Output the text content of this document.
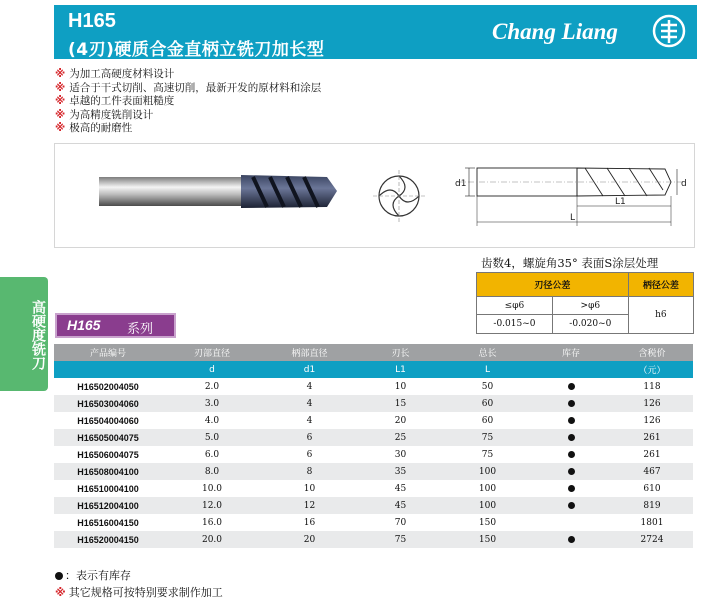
H165
(4刃)硬质合金直柄立铣刀加长型
Chang Liang
※ 为加工高硬度材料设计
※ 适合于干式切削、高速切削，最新开发的原材料和涂层
※ 卓越的工件表面粗糙度
※ 为高精度铣削设计
※ 极高的耐磨性
d1	d
L1
L
齿数4，螺旋角35° 表面S涂层处理
刃径公差		柄径公差
≤φ6	>φ6	h6
-0.015~0	-0.020~0	
高硬度铣刀 H165 系列
产品编号	刃部直径	柄部直径	刃长	总长	库存	含税价
	d	d1	L1	L		（元）
H16502004050	2.0	4	10	50		118
H16503004060	3.0	4	15	60		126
H16504004060	4.0	4	20	60		126
H16505004075	5.0	6	25	75		261
H16506004075	6.0	6	30	75		261
H16508004100	8.0	8	35	100		467
H16510004100	10.0	10	45	100		610
H16512004100	12.0	12	45	100		819
H16516004150	16.0	16	70	150		1801
H16520004150	20.0	20	75	150		2724
：表示有库存
※ 其它规格可按特别要求制作加工
